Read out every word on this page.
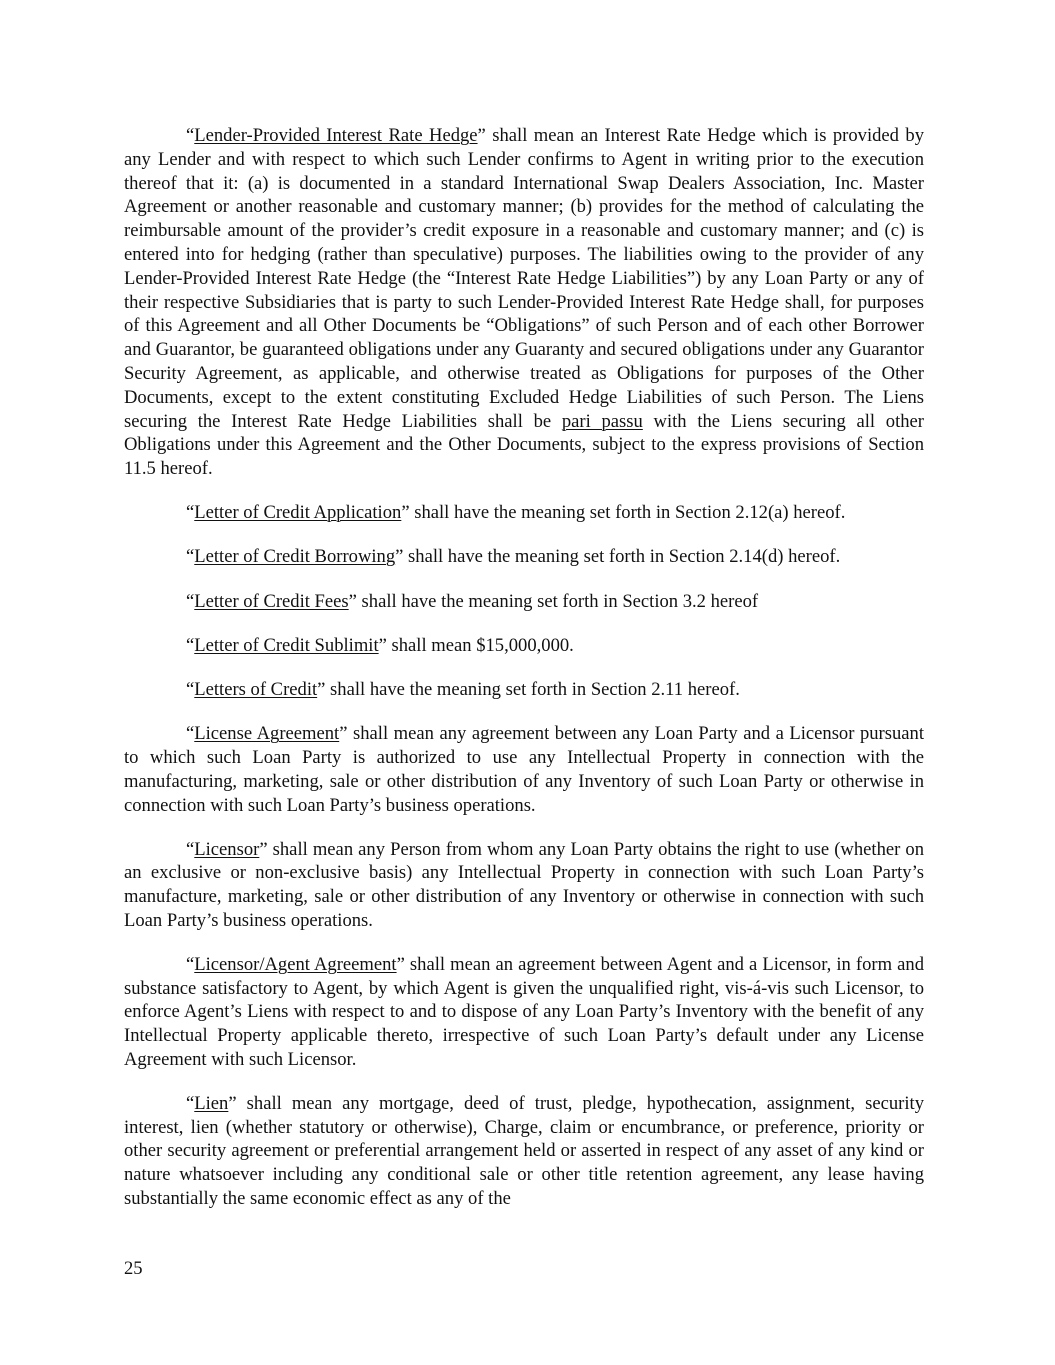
“Lender-Provided Interest Rate Hedge” shall mean an Interest Rate Hedge which is provided by any Lender and with respect to which such Lender confirms to Agent in writing prior to the execution thereof that it: (a) is documented in a standard International Swap Dealers Association, Inc. Master Agreement or another reasonable and customary manner; (b) provides for the method of calculating the reimbursable amount of the provider’s credit exposure in a reasonable and customary manner; and (c) is entered into for hedging (rather than speculative) purposes. The liabilities owing to the provider of any Lender-Provided Interest Rate Hedge (the “Interest Rate Hedge Liabilities”) by any Loan Party or any of their respective Subsidiaries that is party to such Lender-Provided Interest Rate Hedge shall, for purposes of this Agreement and all Other Documents be “Obligations” of such Person and of each other Borrower and Guarantor, be guaranteed obligations under any Guaranty and secured obligations under any Guarantor Security Agreement, as applicable, and otherwise treated as Obligations for purposes of the Other Documents, except to the extent constituting Excluded Hedge Liabilities of such Person. The Liens securing the Interest Rate Hedge Liabilities shall be pari passu with the Liens securing all other Obligations under this Agreement and the Other Documents, subject to the express provisions of Section 11.5 hereof.

“Letter of Credit Application” shall have the meaning set forth in Section 2.12(a) hereof.

“Letter of Credit Borrowing” shall have the meaning set forth in Section 2.14(d) hereof.

“Letter of Credit Fees” shall have the meaning set forth in Section 3.2 hereof

“Letter of Credit Sublimit” shall mean $15,000,000.

“Letters of Credit” shall have the meaning set forth in Section 2.11 hereof.

“License Agreement” shall mean any agreement between any Loan Party and a Licensor pursuant to which such Loan Party is authorized to use any Intellectual Property in connection with the manufacturing, marketing, sale or other distribution of any Inventory of such Loan Party or otherwise in connection with such Loan Party’s business operations.

“Licensor” shall mean any Person from whom any Loan Party obtains the right to use (whether on an exclusive or non-exclusive basis) any Intellectual Property in connection with such Loan Party’s manufacture, marketing, sale or other distribution of any Inventory or otherwise in connection with such Loan Party’s business operations.

“Licensor/Agent Agreement” shall mean an agreement between Agent and a Licensor, in form and substance satisfactory to Agent, by which Agent is given the unqualified right, vis-á-vis such Licensor, to enforce Agent’s Liens with respect to and to dispose of any Loan Party’s Inventory with the benefit of any Intellectual Property applicable thereto, irrespective of such Loan Party’s default under any License Agreement with such Licensor.

“Lien” shall mean any mortgage, deed of trust, pledge, hypothecation, assignment, security interest, lien (whether statutory or otherwise), Charge, claim or encumbrance, or preference, priority or other security agreement or preferential arrangement held or asserted in respect of any asset of any kind or nature whatsoever including any conditional sale or other title retention agreement, any lease having substantially the same economic effect as any of the

25
